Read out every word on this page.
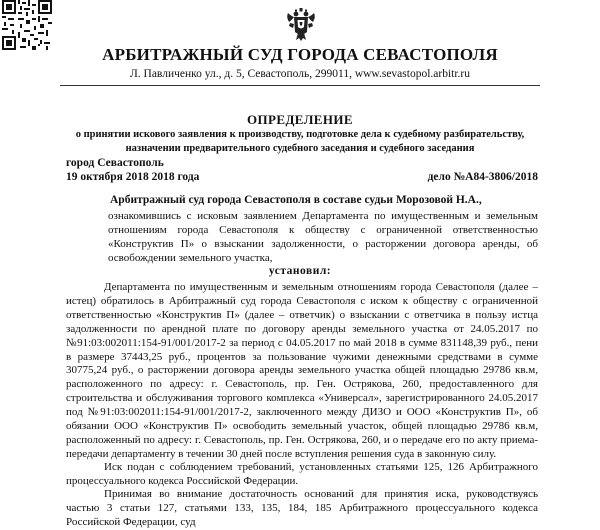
АРБИТРАЖНЫЙ СУД ГОРОДА СЕВАСТОПОЛЯ
Л. Павличенко ул., д. 5, Севастополь, 299011, www.sevastopol.arbitr.ru
ОПРЕДЕЛЕНИЕ
о принятии искового заявления к производству, подготовке дела к судебному разбирательству, назначении предварительного судебного заседания и судебного заседания
город Севастополь
19 октября 2018 2018 года	дело №А84-3806/2018
Арбитражный суд города Севастополя в составе судьи Морозовой Н.А.,
ознакомившись с исковым заявлением Департамента по имущественным и земельным отношениям города Севастополя к обществу с ограниченной ответственностью «Конструктив П» о взыскании задолженности, о расторжении договора аренды, об освобождении земельного участка,
установил:
Департамента по имущественным и земельным отношениям города Севастополя (далее – истец) обратилось в Арбитражный суд города Севастополя с иском к обществу с ограниченной ответственностью «Конструктив П» (далее – ответчик) о взыскании с ответчика в пользу истца задолженности по арендной плате по договору аренды земельного участка от 24.05.2017 по №91:03:002011:154-91/001/2017-2 за период с 04.05.2017 по май 2018 в сумме 831148,39 руб., пени в размере 37443,25 руб., процентов за пользование чужими денежными средствами в сумме 30775,24 руб., о расторжении договора аренды земельного участка общей площадью 29786 кв.м, расположенного по адресу: г. Севастополь, пр. Ген. Острякова, 260, предоставленного для строительства и обслуживания торгового комплекса «Универсал», зарегистрированного 24.05.2017 под №91:03:002011:154-91/001/2017-2, заключенного между ДИЗО и ООО «Конструктив П», об обязании ООО «Конструктив П» освободить земельный участок, общей площадью 29786 кв.м, расположенный по адресу: г. Севастополь, пр. Ген. Острякова, 260, и о передаче его по акту приема-передачи департаменту в течении 30 дней после вступления решения суда в законную силу.
Иск подан с соблюдением требований, установленных статьями 125, 126 Арбитражного процессуального кодекса Российской Федерации.
Принимая во внимание достаточность оснований для принятия иска, руководствуясь частью 3 статьи 127, статьями 133, 135, 184, 185 Арбитражного процессуального кодекса Российской Федерации, суд
